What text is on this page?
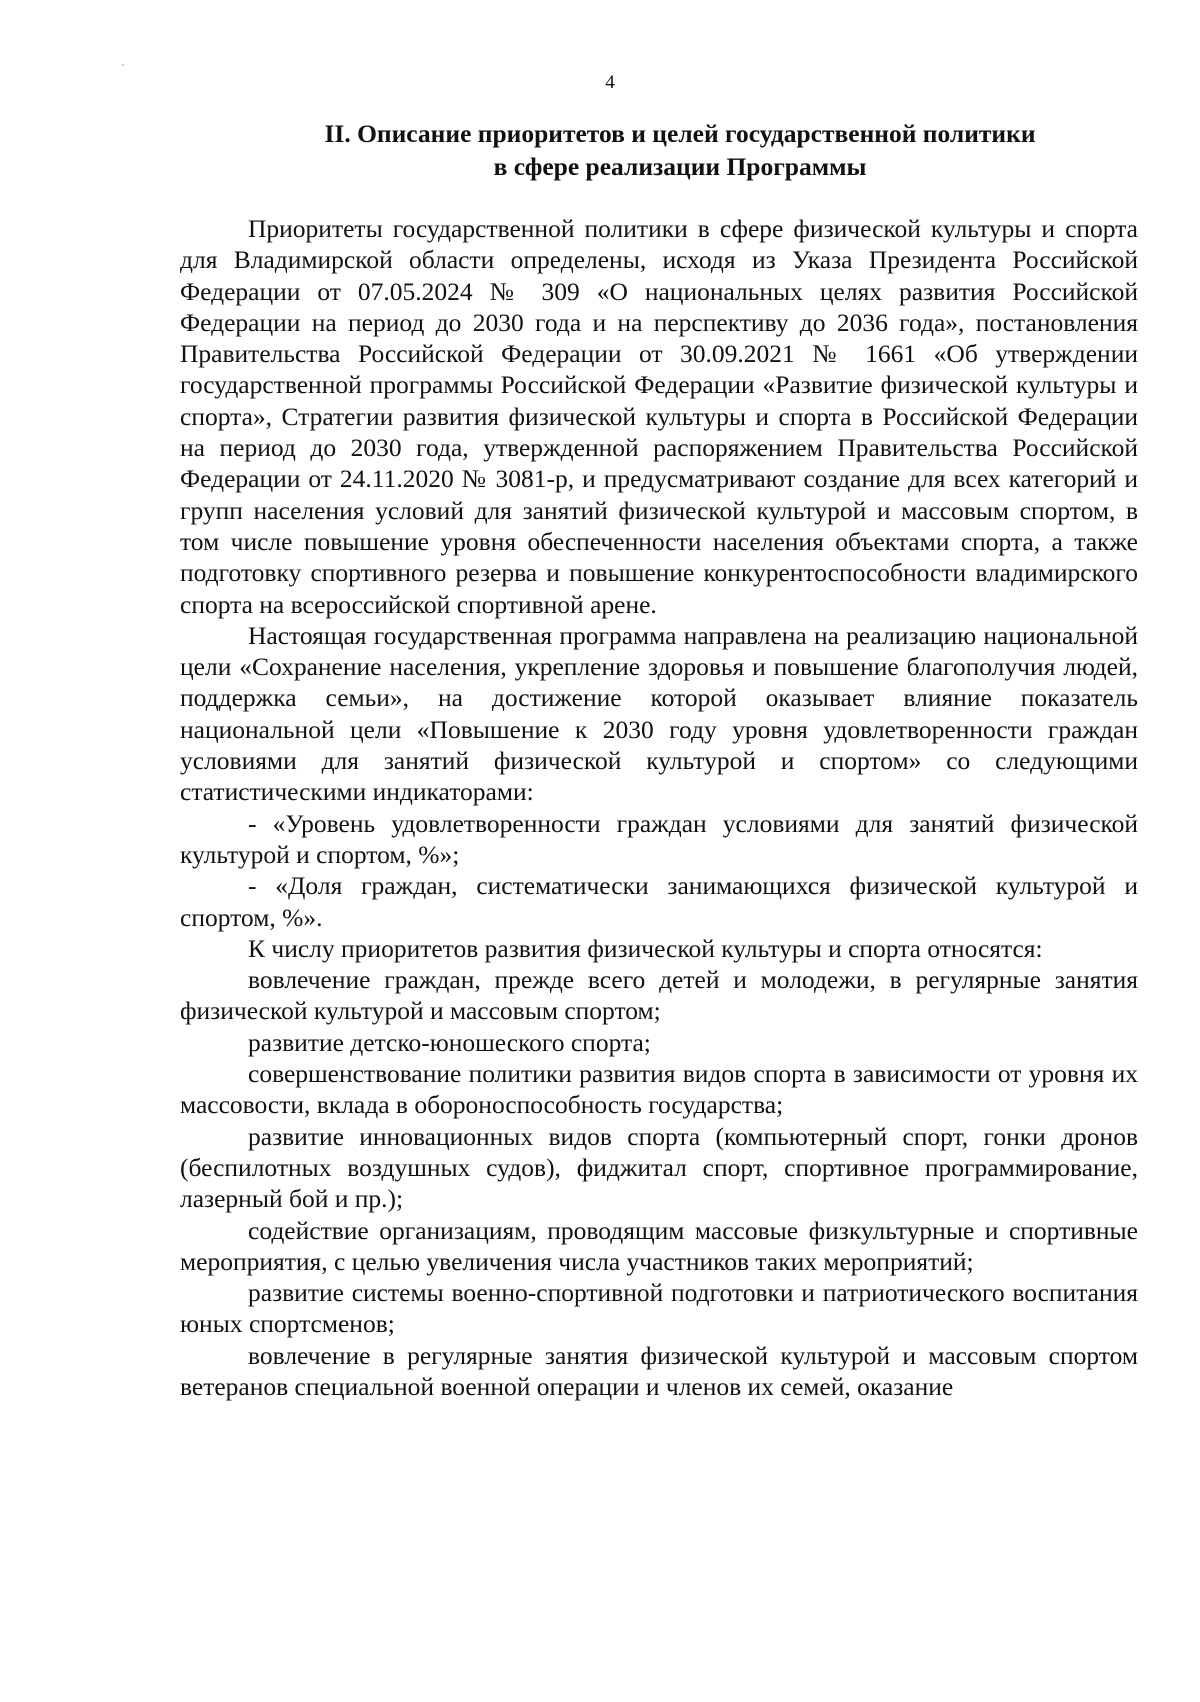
4
II. Описание приоритетов и целей государственной политики
в сфере реализации Программы

Приоритеты государственной политики в сфере физической культуры и спорта для Владимирской области определены, исходя из Указа Президента Российской Федерации от 07.05.2024 № 309 «О национальных целях развития Российской Федерации на период до 2030 года и на перспективу до 2036 года», постановления Правительства Российской Федерации от 30.09.2021 № 1661 «Об утверждении государственной программы Российской Федерации «Развитие физической культуры и спорта», Стратегии развития физической культуры и спорта в Российской Федерации на период до 2030 года, утвержденной распоряжением Правительства Российской Федерации от 24.11.2020 № 3081-р, и предусматривают создание для всех категорий и групп населения условий для занятий физической культурой и массовым спортом, в том числе повышение уровня обеспеченности населения объектами спорта, а также подготовку спортивного резерва и повышение конкурентоспособности владимирского спорта на всероссийской спортивной арене.

Настоящая государственная программа направлена на реализацию национальной цели «Сохранение населения, укрепление здоровья и повышение благополучия людей, поддержка семьи», на достижение которой оказывает влияние показатель национальной цели «Повышение к 2030 году уровня удовлетворенности граждан условиями для занятий физической культурой и спортом» со следующими статистическими индикаторами:

- «Уровень удовлетворенности граждан условиями для занятий физической культурой и спортом, %»;

- «Доля граждан, систематически занимающихся физической культурой и спортом, %».

К числу приоритетов развития физической культуры и спорта относятся:

вовлечение граждан, прежде всего детей и молодежи, в регулярные занятия физической культурой и массовым спортом;

развитие детско-юношеского спорта;

совершенствование политики развития видов спорта в зависимости от уровня их массовости, вклада в обороноспособность государства;

развитие инновационных видов спорта (компьютерный спорт, гонки дронов (беспилотных воздушных судов), фиджитал спорт, спортивное программирование, лазерный бой и пр.);

содействие организациям, проводящим массовые физкультурные и спортивные мероприятия, с целью увеличения числа участников таких мероприятий;

развитие системы военно-спортивной подготовки и патриотического воспитания юных спортсменов;

вовлечение в регулярные занятия физической культурой и массовым спортом ветеранов специальной военной операции и членов их семей, оказание
